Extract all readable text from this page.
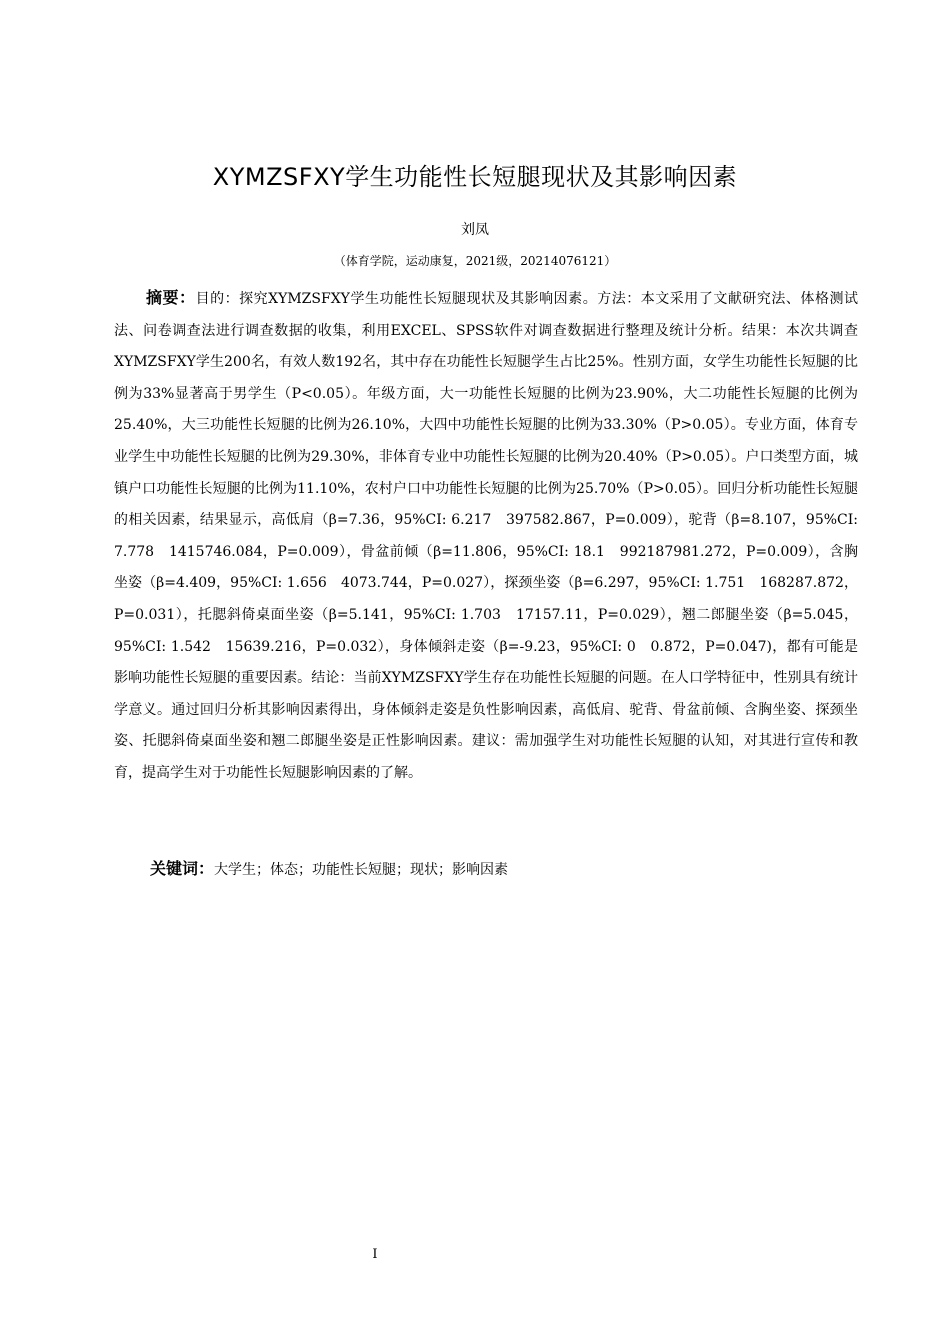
XYMZSFXY学生功能性长短腿现状及其影响因素
刘凤
（体育学院，运动康复，2021级，20214076121）

摘要：目的：探究XYMZSFXY学生功能性长短腿现状及其影响因素。方法：本文采用了文献研究法、体格测试法、问卷调查法进行调查数据的收集，利用EXCEL、SPSS软件对调查数据进行整理及统计分析。结果：本次共调查XYMZSFXY学生200名，有效人数192名，其中存在功能性长短腿学生占比25%。性别方面，女学生功能性长短腿的比例为33%显著高于男学生（P<0.05）。年级方面，大一功能性长短腿的比例为23.90%，大二功能性长短腿的比例为25.40%，大三功能性长短腿的比例为26.10%，大四中功能性长短腿的比例为33.30%（P>0.05）。专业方面，体育专业学生中功能性长短腿的比例为29.30%，非体育专业中功能性长短腿的比例为20.40%（P>0.05）。户口类型方面，城镇户口功能性长短腿的比例为11.10%，农村户口中功能性长短腿的比例为25.70%（P>0.05）。回归分析功能性长短腿的相关因素，结果显示，高低肩（β=7.36，95%CI: 6.217　397582.867，P=0.009），驼背（β=8.107，95%CI: 7.778　1415746.084，P=0.009），骨盆前倾（β=11.806，95%CI: 18.1　992187981.272，P=0.009），含胸坐姿（β=4.409，95%CI: 1.656　4073.744，P=0.027），探颈坐姿（β=6.297，95%CI: 1.751　168287.872，P=0.031），托腮斜倚桌面坐姿（β=5.141，95%CI: 1.703　17157.11，P=0.029），翘二郎腿坐姿（β=5.045，95%CI: 1.542　15639.216，P=0.032），身体倾斜走姿（β=-9.23，95%CI: 0　0.872，P=0.047)，都有可能是影响功能性长短腿的重要因素。结论：当前XYMZSFXY学生存在功能性长短腿的问题。在人口学特征中，性别具有统计学意义。通过回归分析其影响因素得出，身体倾斜走姿是负性影响因素，高低肩、驼背、骨盆前倾、含胸坐姿、探颈坐姿、托腮斜倚桌面坐姿和翘二郎腿坐姿是正性影响因素。建议：需加强学生对功能性长短腿的认知，对其进行宣传和教育，提高学生对于功能性长短腿影响因素的了解。

关键词：大学生；体态；功能性长短腿；现状；影响因素

I
